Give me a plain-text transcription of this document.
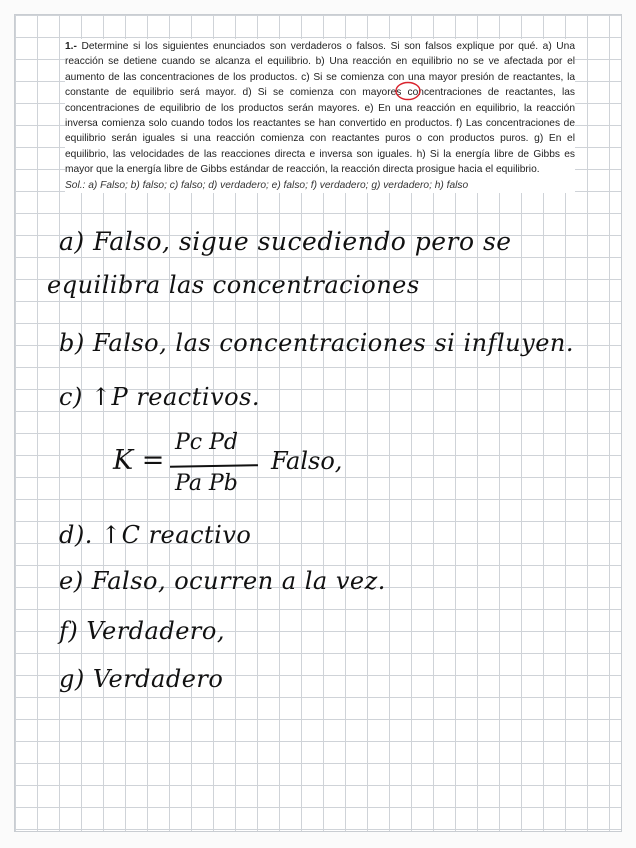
1.- Determine si los siguientes enunciados son verdaderos o falsos. Si son falsos explique por qué. a) Una reacción se detiene cuando se alcanza el equilibrio. b) Una reacción en equilibrio no se ve afectada por el aumento de las concentraciones de los productos. c) Si se comienza con una mayor presión de reactantes, la constante de equilibrio será mayor. d) Si se comienza con mayores concentraciones de reactantes, las concentraciones de equilibrio de los productos serán mayores. e) En una reacción en equilibrio, la reacción inversa comienza solo cuando todos los reactantes se han convertido en productos. f) Las concentraciones de equilibrio serán iguales si una reacción comienza con reactantes puros o con productos puros. g) En el equilibrio, las velocidades de las reacciones directa e inversa son iguales. h) Si la energía libre de Gibbs es mayor que la energía libre de Gibbs estándar de reacción, la reacción directa prosigue hacia el equilibrio.
Sol.: a) Falso; b) falso; c) falso; d) verdadero; e) falso; f) verdadero; g) verdadero; h) falso
a) Falso, sigue sucediendo pero se
equilibra las concentraciones
b) Falso, las concentraciones si influyen.
c) ↑P reactivos.
K =
Pc Pd
Pa Pb
Falso,
d). ↑C reactivo
e) Falso, ocurren a la vez.
f) Verdadero,
g) Verdadero
